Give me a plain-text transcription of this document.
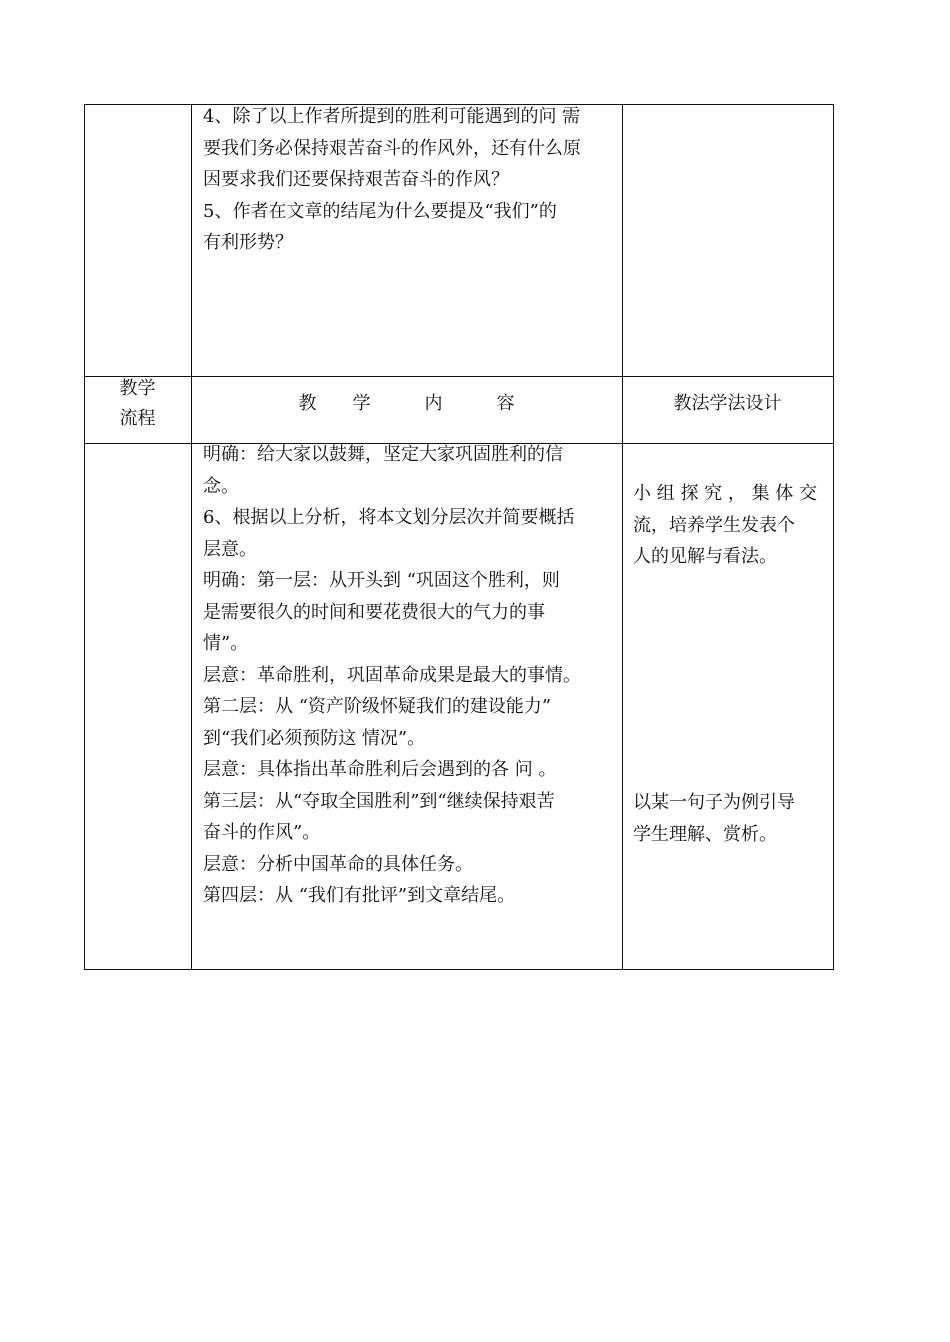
4、除了以上作者所提到的胜利可能遇到的问 需

要我们务必保持艰苦奋斗的作风外，还有什么原

因要求我们还要保持艰苦奋斗的作风？

5、作者在文章的结尾为什么要提及“我们”的

有利形势？

教学
流程
教　　学　　　内　　　容	教法学法设计

明确：给大家以鼓舞，坚定大家巩固胜利的信

念。

6、根据以上分析，将本文划分层次并简要概括

层意。

明确：第一层：从开头到 “巩固这个胜利，则

是需要很久的时间和要花费很大的气力的事

情”。

层意：革命胜利，巩固革命成果是最大的事情。

第二层：从 “资产阶级怀疑我们的建设能力”

到“我们必须预防这 情况”。

层意：具体指出革命胜利后会遇到的各 问 。

第三层：从“夺取全国胜利”到“继续保持艰苦

奋斗的作风”。

层意：分析中国革命的具体任务。

第四层：从 “我们有批评”到文章结尾。

小 组 探 究 ， 集 体 交

流，培养学生发表个

人的见解与看法。

以某一句子为例引导

学生理解、赏析。
